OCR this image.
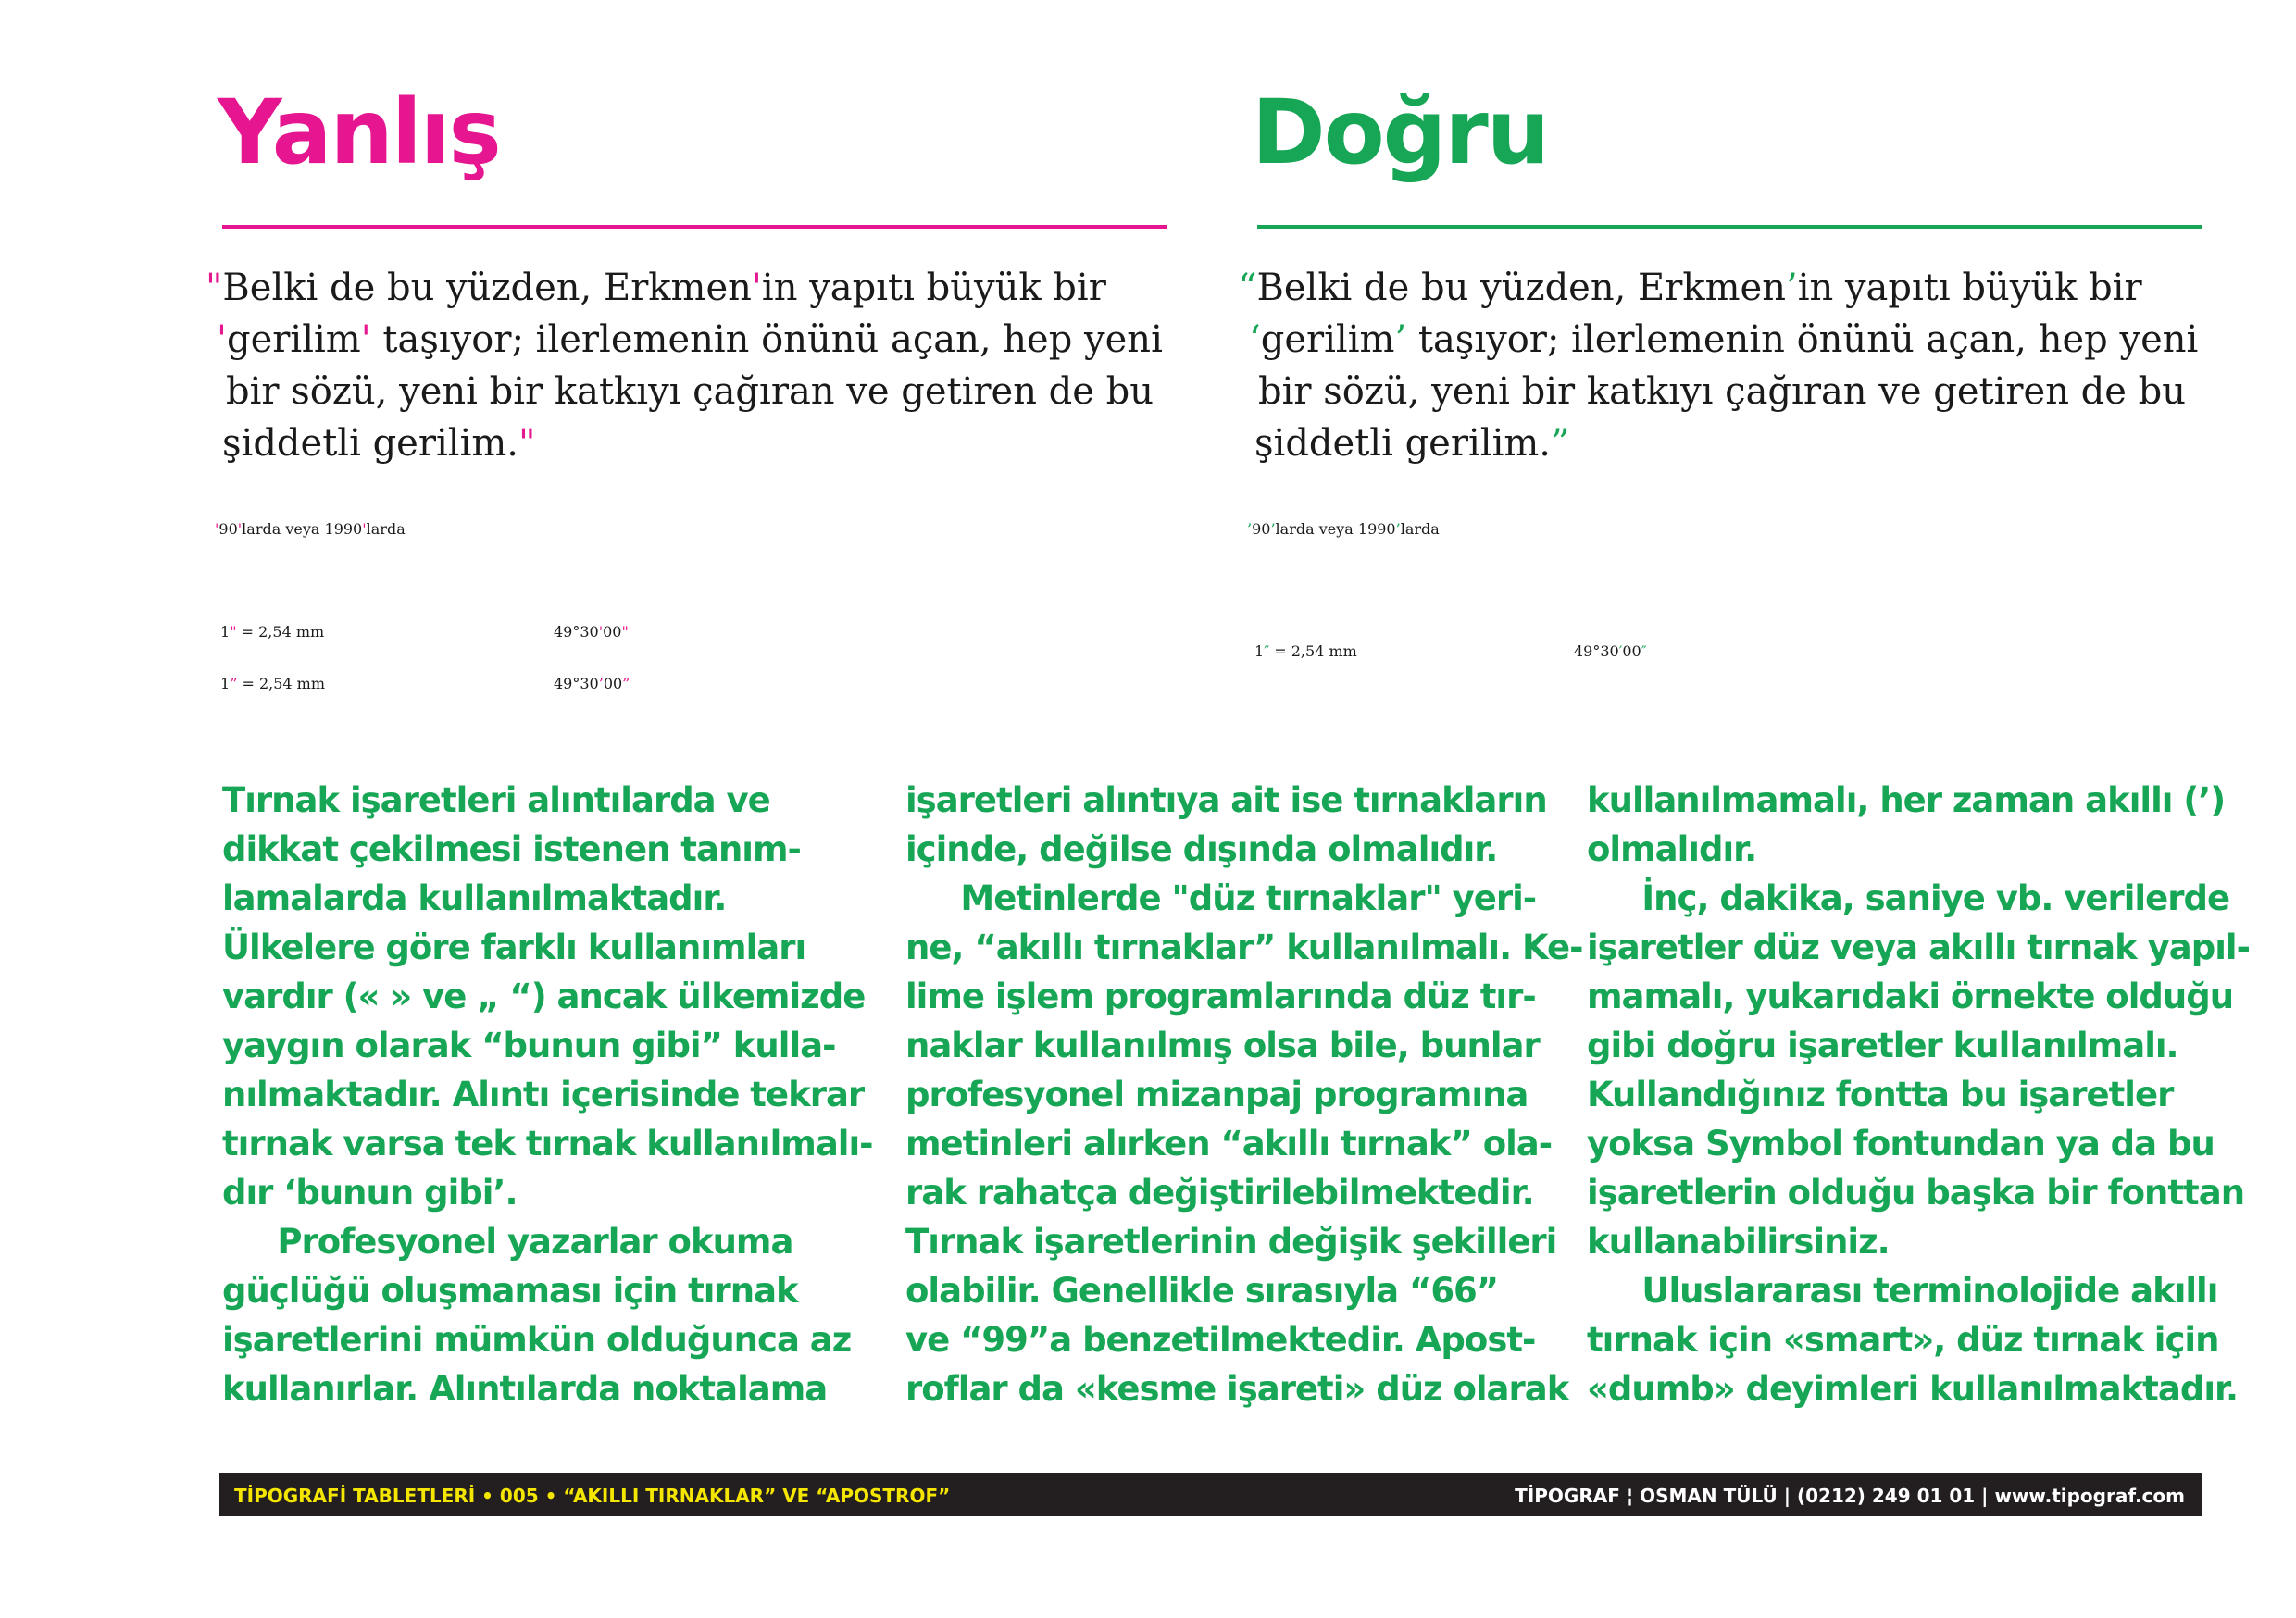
Yanlış	Doğru
"Belki de bu yüzden, Erkmen'in yapıtı büyük bir
'gerilim' taşıyor; ilerlemenin önünü açan, hep yeni
bir sözü, yeni bir katkıyı çağıran ve getiren de bu
şiddetli gerilim."
'90'larda veya 1990'larda
1" = 2,54 mm	49°30'00"
1” = 2,54 mm	49°30’00”
“Belki de bu yüzden, Erkmen’in yapıtı büyük bir
‘gerilim’ taşıyor; ilerlemenin önünü açan, hep yeni
bir sözü, yeni bir katkıyı çağıran ve getiren de bu
şiddetli gerilim.”
’90’larda veya 1990’larda
1″ = 2,54 mm	49°30′00″
Tırnak işaretleri alıntılarda ve
dikkat çekilmesi istenen tanım-
lamalarda kullanılmaktadır.
Ülkelere göre farklı kullanımları
vardır (« » ve „ “) ancak ülkemizde
yaygın olarak “bunun gibi” kulla-
nılmaktadır. Alıntı içerisinde tekrar
tırnak varsa tek tırnak kullanılmalı-
dır ‘bunun gibi’.
Profesyonel yazarlar okuma
güçlüğü oluşmaması için tırnak
işaretlerini mümkün olduğunca az
kullanırlar. Alıntılarda noktalama
işaretleri alıntıya ait ise tırnakların
içinde, değilse dışında olmalıdır.
Metinlerde "düz tırnaklar" yeri-
ne, “akıllı tırnaklar” kullanılmalı. Ke-
lime işlem programlarında düz tır-
naklar kullanılmış olsa bile, bunlar
profesyonel mizanpaj programına
metinleri alırken “akıllı tırnak” ola-
rak rahatça değiştirilebilmektedir.
Tırnak işaretlerinin değişik şekilleri
olabilir. Genellikle sırasıyla “66”
ve “99”a benzetilmektedir. Apost-
roflar da «kesme işareti» düz olarak
kullanılmamalı, her zaman akıllı (’)
olmalıdır.
İnç, dakika, saniye vb. verilerde
işaretler düz veya akıllı tırnak yapıl-
mamalı, yukarıdaki örnekte olduğu
gibi doğru işaretler kullanılmalı.
Kullandığınız fontta bu işaretler
yoksa Symbol fontundan ya da bu
işaretlerin olduğu başka bir fonttan
kullanabilirsiniz.
Uluslararası terminolojide akıllı
tırnak için «smart», düz tırnak için
«dumb» deyimleri kullanılmaktadır.
TİPOGRAFİ TABLETLERİ • 005 • “AKILLI TIRNAKLAR” VE “APOSTROF”	TİPOGRAF ¦ OSMAN TÜLÜ | (0212) 249 01 01 | www.tipograf.com
